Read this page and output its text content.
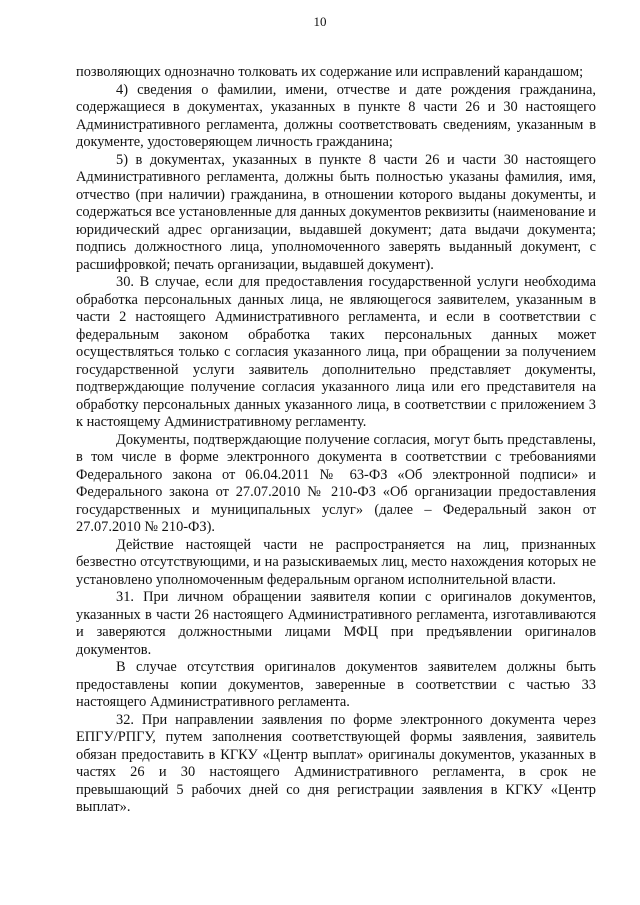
10

позволяющих однозначно толковать их содержание или исправлений карандашом;

4) сведения о фамилии, имени, отчестве и дате рождения гражданина, содержащиеся в документах, указанных в пункте 8 части 26 и 30 настоящего Административного регламента, должны соответствовать сведениям, указанным в документе, удостоверяющем личность гражданина;

5) в документах, указанных в пункте 8 части 26 и части 30 настоящего Административного регламента, должны быть полностью указаны фамилия, имя, отчество (при наличии) гражданина, в отношении которого выданы документы, и содержаться все установленные для данных документов реквизиты (наименование и юридический адрес организации, выдавшей документ; дата выдачи документа; подпись должностного лица, уполномоченного заверять выданный документ, с расшифровкой; печать организации, выдавшей документ).

30. В случае, если для предоставления государственной услуги необходима обработка персональных данных лица, не являющегося заявителем, указанным в части 2 настоящего Административного регламента, и если в соответствии с федеральным законом обработка таких персональных данных может осуществляться только с согласия указанного лица, при обращении за получением государственной услуги заявитель дополнительно представляет документы, подтверждающие получение согласия указанного лица или его представителя на обработку персональных данных указанного лица, в соответствии с приложением 3 к настоящему Административному регламенту.

Документы, подтверждающие получение согласия, могут быть представлены, в том числе в форме электронного документа в соответствии с требованиями Федерального закона от 06.04.2011 № 63-ФЗ «Об электронной подписи» и Федерального закона от 27.07.2010 № 210-ФЗ «Об организации предоставления государственных и муниципальных услуг» (далее – Федеральный закон от 27.07.2010 № 210-ФЗ).

Действие настоящей части не распространяется на лиц, признанных безвестно отсутствующими, и на разыскиваемых лиц, место нахождения которых не установлено уполномоченным федеральным органом исполнительной власти.

31. При личном обращении заявителя копии с оригиналов документов, указанных в части 26 настоящего Административного регламента, изготавливаются и заверяются должностными лицами МФЦ при предъявлении оригиналов документов.

В случае отсутствия оригиналов документов заявителем должны быть предоставлены копии документов, заверенные в соответствии с частью 33 настоящего Административного регламента.

32. При направлении заявления по форме электронного документа через ЕПГУ/РПГУ, путем заполнения соответствующей формы заявления, заявитель обязан предоставить в КГКУ «Центр выплат» оригиналы документов, указанных в частях 26 и 30 настоящего Административного регламента, в срок не превышающий 5 рабочих дней со дня регистрации заявления в КГКУ «Центр выплат».
